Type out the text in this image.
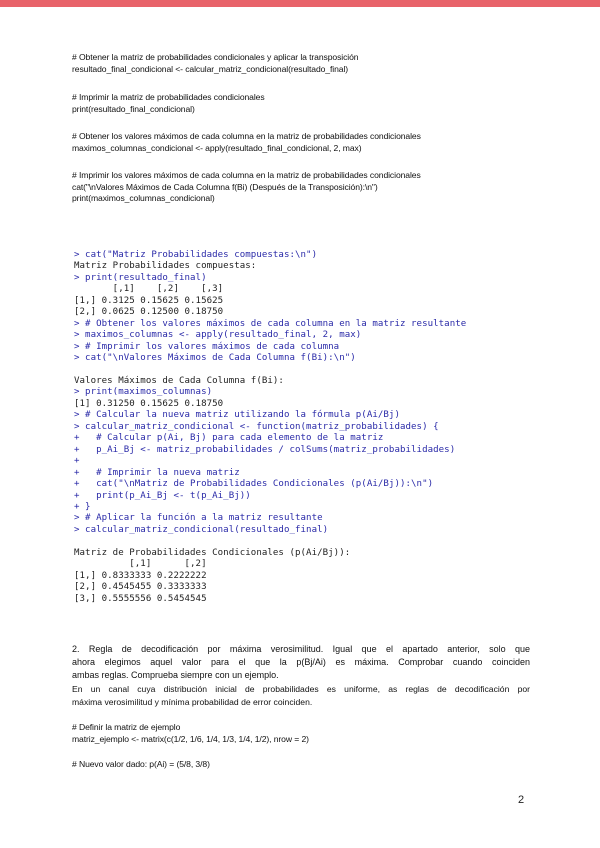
# Obtener la matriz de probabilidades condicionales y aplicar la transposición
resultado_final_condicional <- calcular_matriz_condicional(resultado_final)
# Imprimir la matriz de probabilidades condicionales
print(resultado_final_condicional)
# Obtener los valores máximos de cada columna en la matriz de probabilidades condicionales
maximos_columnas_condicional <- apply(resultado_final_condicional, 2, max)
# Imprimir los valores máximos de cada columna en la matriz de probabilidades condicionales
cat("\nValores Máximos de Cada Columna f(Bi) (Después de la Transposición):\n")
print(maximos_columnas_condicional)
> cat("Matriz Probabilidades compuestas:\n")
Matriz Probabilidades compuestas:
> print(resultado_final)
[,1]    [,2]    [,3]
[1,] 0.3125 0.15625 0.15625
[2,] 0.0625 0.12500 0.18750
> # Obtener los valores máximos de cada columna en la matriz resultante
> maximos_columnas <- apply(resultado_final, 2, max)
> # Imprimir los valores máximos de cada columna
> cat("\nValores Máximos de Cada Columna f(Bi):\n")
Valores Máximos de Cada Columna f(Bi):
> print(maximos_columnas)
[1] 0.31250 0.15625 0.18750
> # Calcular la nueva matriz utilizando la fórmula p(Ai/Bj)
> calcular_matriz_condicional <- function(matriz_probabilidades) {
+   # Calcular p(Ai, Bj) para cada elemento de la matriz
+   p_Ai_Bj <- matriz_probabilidades / colSums(matriz_probabilidades)
+
+   # Imprimir la nueva matriz
+   cat("\nMatriz de Probabilidades Condicionales (p(Ai/Bj)):\n")
+   print(p_Ai_Bj <- t(p_Ai_Bj))
+ }
> # Aplicar la función a la matriz resultante
> calcular_matriz_condicional(resultado_final)
Matriz de Probabilidades Condicionales (p(Ai/Bj)):
[,1]      [,2]
[1,] 0.8333333 0.2222222
[2,] 0.4545455 0.3333333
[3,] 0.5555556 0.5454545
2. Regla de decodificación por máxima verosimilitud. Igual que el apartado anterior, solo que
ahora elegimos aquel valor para el que la p(Bj/Ai) es máxima. Comprobar cuando coinciden
ambas reglas. Comprueba siempre con un ejemplo.
En un canal cuya distribución inicial de probabilidades es uniforme, as reglas de decodificación por
máxima verosimilitud y mínima probabilidad de error coinciden.
# Definir la matriz de ejemplo
matriz_ejemplo <- matrix(c(1/2, 1/6, 1/4, 1/3, 1/4, 1/2), nrow = 2)
# Nuevo valor dado: p(Ai) = (5/8, 3/8)
2
